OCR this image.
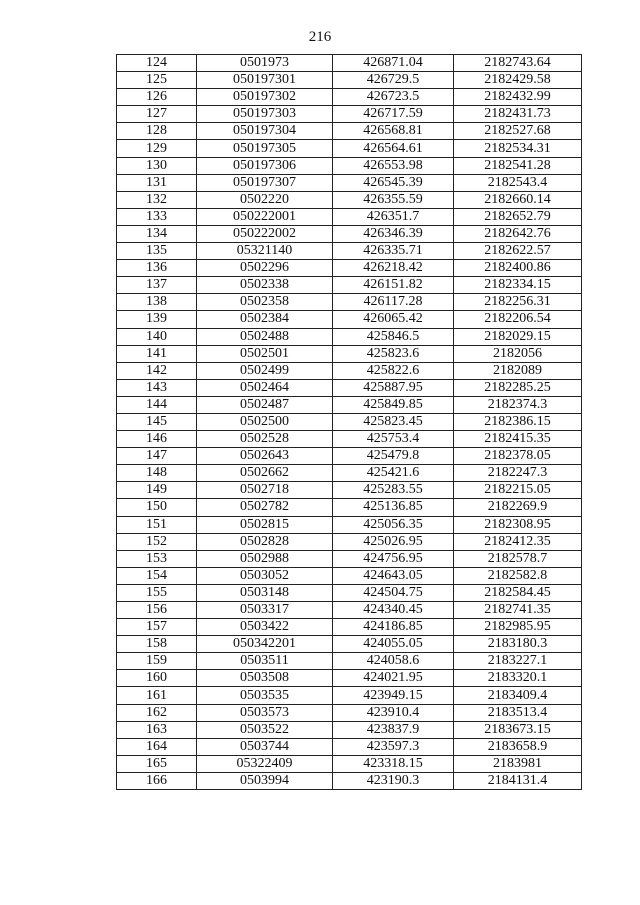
216
124	0501973	426871.04	2182743.64
125	050197301	426729.5	2182429.58
126	050197302	426723.5	2182432.99
127	050197303	426717.59	2182431.73
128	050197304	426568.81	2182527.68
129	050197305	426564.61	2182534.31
130	050197306	426553.98	2182541.28
131	050197307	426545.39	2182543.4
132	0502220	426355.59	2182660.14
133	050222001	426351.7	2182652.79
134	050222002	426346.39	2182642.76
135	05321140	426335.71	2182622.57
136	0502296	426218.42	2182400.86
137	0502338	426151.82	2182334.15
138	0502358	426117.28	2182256.31
139	0502384	426065.42	2182206.54
140	0502488	425846.5	2182029.15
141	0502501	425823.6	2182056
142	0502499	425822.6	2182089
143	0502464	425887.95	2182285.25
144	0502487	425849.85	2182374.3
145	0502500	425823.45	2182386.15
146	0502528	425753.4	2182415.35
147	0502643	425479.8	2182378.05
148	0502662	425421.6	2182247.3
149	0502718	425283.55	2182215.05
150	0502782	425136.85	2182269.9
151	0502815	425056.35	2182308.95
152	0502828	425026.95	2182412.35
153	0502988	424756.95	2182578.7
154	0503052	424643.05	2182582.8
155	0503148	424504.75	2182584.45
156	0503317	424340.45	2182741.35
157	0503422	424186.85	2182985.95
158	050342201	424055.05	2183180.3
159	0503511	424058.6	2183227.1
160	0503508	424021.95	2183320.1
161	0503535	423949.15	2183409.4
162	0503573	423910.4	2183513.4
163	0503522	423837.9	2183673.15
164	0503744	423597.3	2183658.9
165	05322409	423318.15	2183981
166	0503994	423190.3	2184131.4
